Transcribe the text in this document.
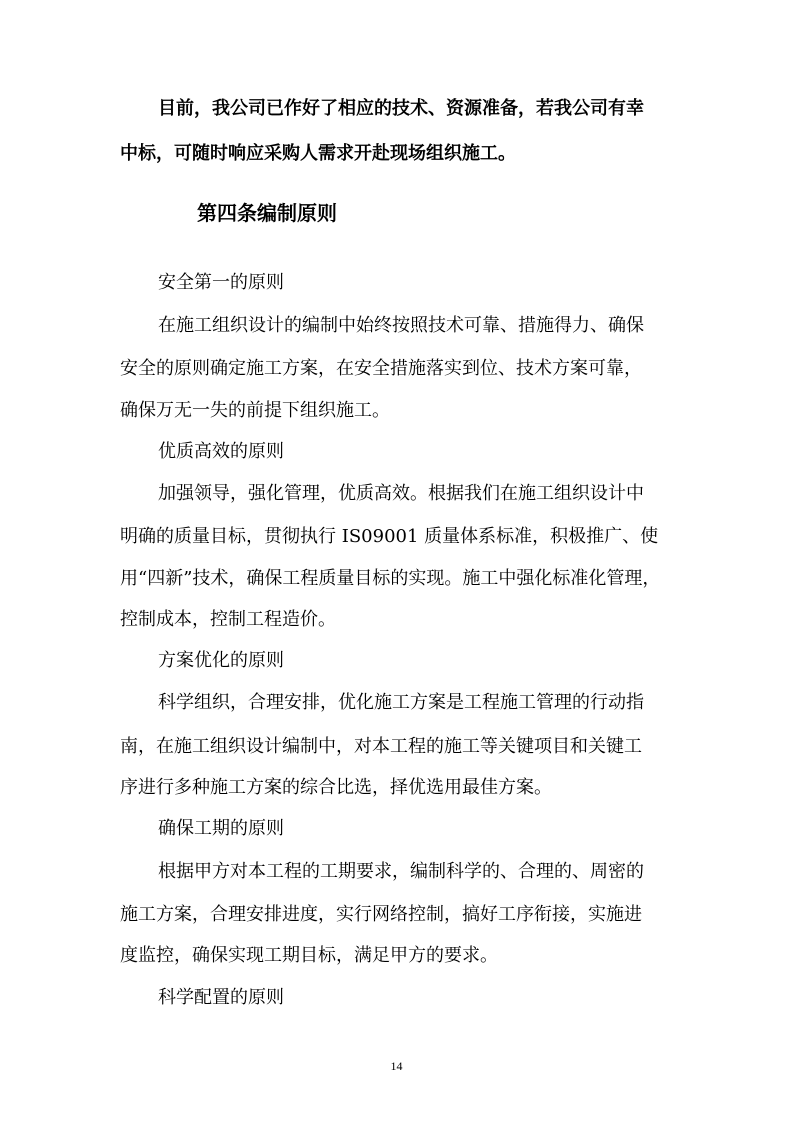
目前，我公司已作好了相应的技术、资源准备，若我公司有幸
中标，可随时响应采购人需求开赴现场组织施工。
第四条编制原则
安全第一的原则
在施工组织设计的编制中始终按照技术可靠、措施得力、确保
安全的原则确定施工方案，在安全措施落实到位、技术方案可靠，
确保万无一失的前提下组织施工。
优质高效的原则
加强领导，强化管理，优质高效。根据我们在施工组织设计中
明确的质量目标，贯彻执行 IS09001 质量体系标准，积极推广、使
用“四新”技术，确保工程质量目标的实现。施工中强化标准化管理，
控制成本，控制工程造价。
方案优化的原则
科学组织，合理安排，优化施工方案是工程施工管理的行动指
南，在施工组织设计编制中，对本工程的施工等关键项目和关键工
序进行多种施工方案的综合比选，择优选用最佳方案。
确保工期的原则
根据甲方对本工程的工期要求，编制科学的、合理的、周密的
施工方案，合理安排进度，实行网络控制，搞好工序衔接，实施进
度监控，确保实现工期目标，满足甲方的要求。
科学配置的原则
14
